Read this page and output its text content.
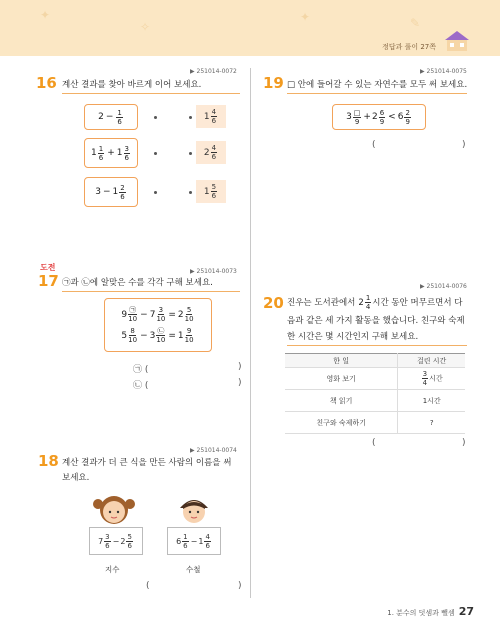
✦
✧
✦	✎
정답과 풀이 27쪽
▶ 251014-0072
16 계산 결과를 찾아 바르게 이어 보세요.
$2 - \frac{1}{6}$
$1 \frac{1}{6} + 1 \frac{3}{6}$
$3 - 1 \frac{2}{6}$
$1 \frac{4}{6}$
$2 \frac{4}{6}$
$1 \frac{5}{6}$
도전	▶ 251014-0073
17 ㉠과 ㉡에 알맞은 수를 각각 구해 보세요.
$9 \frac{㉠}{10} - 7 \frac{3}{10} = 2 \frac{5}{10}$
$5 \frac{8}{10} - 3 \frac{㉡}{10} = 1 \frac{9}{10}$
㉠ (	)
㉡ (	)
▶ 251014-0074
18 계산 결과가 더 큰 식을 만든 사람의 이름을 써
보세요.
$7 \frac{3}{6} - 2 \frac{5}{6}$
지수
$6 \frac{1}{6} - 1 \frac{4}{6}$
수철
(	)
▶ 251014-0075
19 □ 안에 들어갈 수 있는 자연수를 모두 써 보세요.
$3 \frac{□}{9} + 2 \frac{6}{9} < 6 \frac{2}{9}$
(	)
▶ 251014-0076
20 진우는 도서관에서 $2 \frac{1}{4}$ 시간 동안 머무르면서 다
음과 같은 세 가지 활동을 했습니다. 친구와 숙제
한 시간은 몇 시간인지 구해 보세요.
한 일	걸린 시간
영화 보기	$\frac{3}{4}$ 시간
책 읽기	1시간
친구와 숙제하기	?
(	)
1. 분수의 덧셈과 뺄셈 27
